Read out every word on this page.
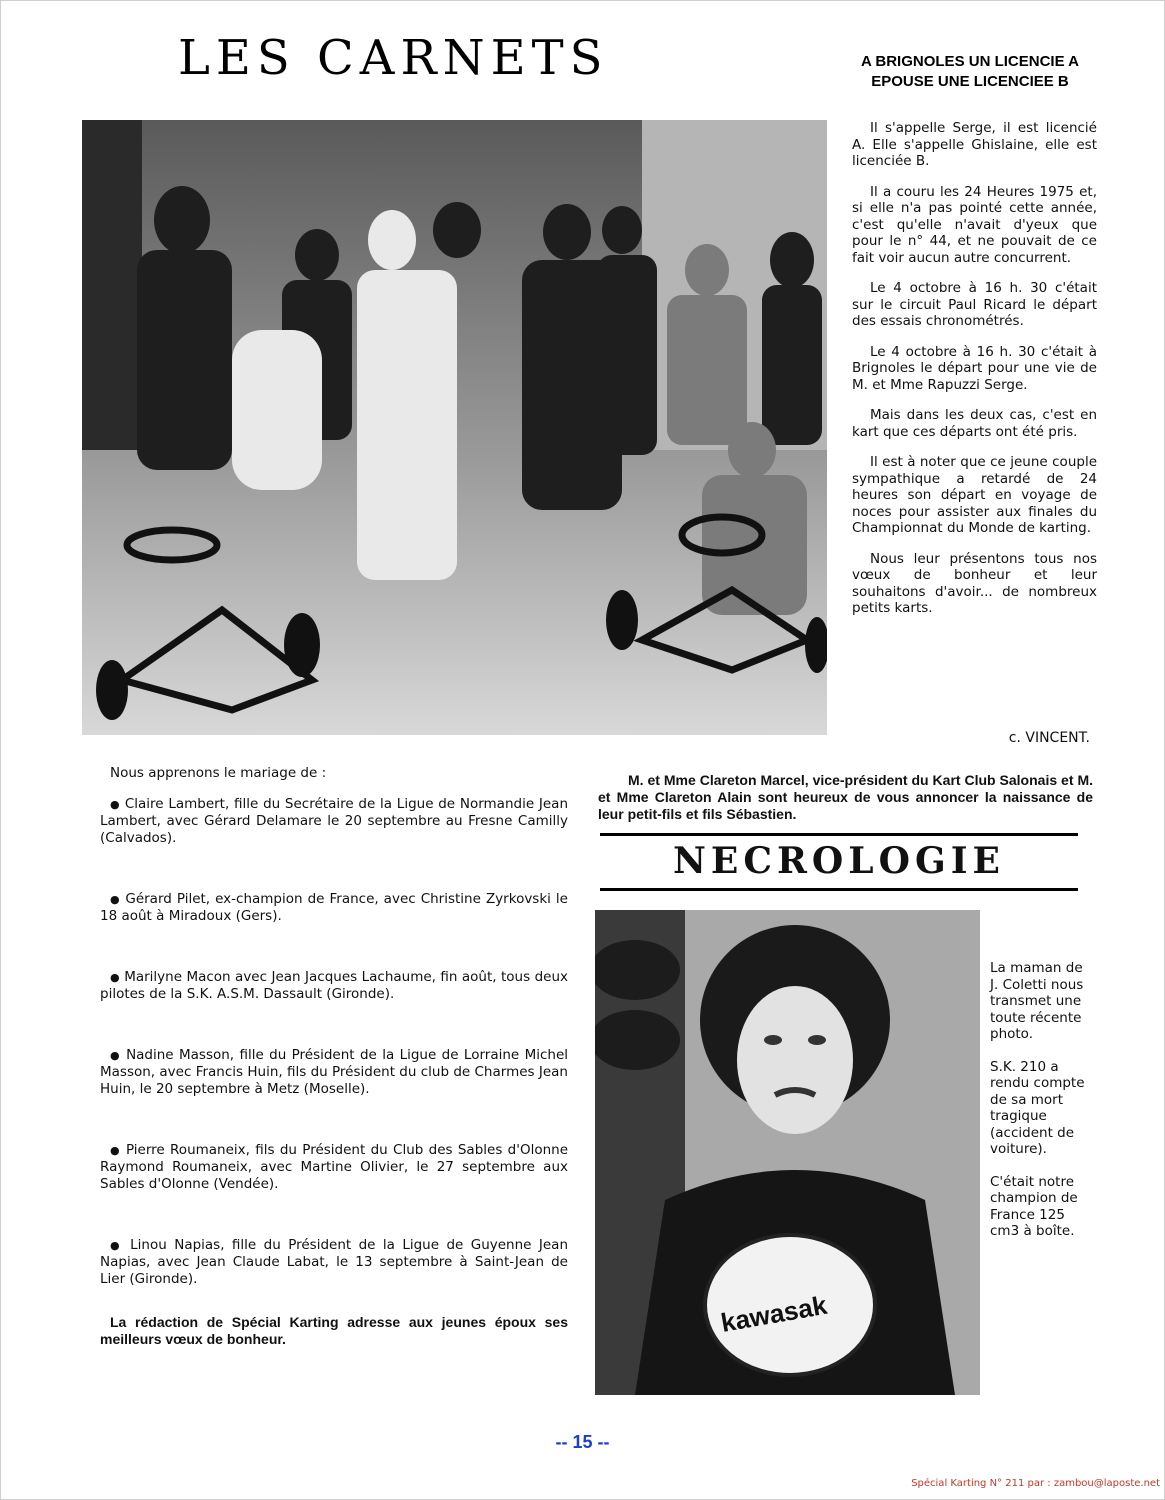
LES CARNETS	A BRIGNOLES UN LICENCIE A
EPOUSE UNE LICENCIEE B

Il s'appelle Serge, il est licencié A. Elle s'appelle Ghislaine, elle est licenciée B.

Il a couru les 24 Heures 1975 et, si elle n'a pas pointé cette année, c'est qu'elle n'avait d'yeux que pour le n° 44, et ne pouvait de ce fait voir aucun autre concurrent.

Le 4 octobre à 16 h. 30 c'était sur le circuit Paul Ricard le départ des essais chronométrés.

Le 4 octobre à 16 h. 30 c'était à Brignoles le départ pour une vie de M. et Mme Rapuzzi Serge.

Mais dans les deux cas, c'est en kart que ces départs ont été pris.

Il est à noter que ce jeune couple sympathique a retardé de 24 heures son départ en voyage de noces pour assister aux finales du Championnat du Monde de karting.

Nous leur présentons tous nos vœux de bonheur et leur souhaitons d'avoir... de nombreux petits karts.

c. VINCENT.
Nous apprenons le mariage de :
● Claire Lambert, fille du Secrétaire de la Ligue de Normandie Jean Lambert, avec Gérard Delamare le 20 septembre au Fresne Camilly (Calvados).
● Gérard Pilet, ex-champion de France, avec Christine Zyrkovski le 18 août à Miradoux (Gers).
● Marilyne Macon avec Jean Jacques Lachaume, fin août, tous deux pilotes de la S.K. A.S.M. Dassault (Gironde).
● Nadine Masson, fille du Président de la Ligue de Lorraine Michel Masson, avec Francis Huin, fils du Président du club de Charmes Jean Huin, le 20 septembre à Metz (Moselle).
● Pierre Roumaneix, fils du Président du Club des Sables d'Olonne Raymond Roumaneix, avec Martine Olivier, le 27 septembre aux Sables d'Olonne (Vendée).
● Linou Napias, fille du Président de la Ligue de Guyenne Jean Napias, avec Jean Claude Labat, le 13 septembre à Saint-Jean de Lier (Gironde).
La rédaction de Spécial Karting adresse aux jeunes époux ses meilleurs vœux de bonheur.
M. et Mme Clareton Marcel, vice-président du Kart Club Salonais et M. et Mme Clareton Alain sont heureux de vous annoncer la naissance de leur petit-fils et fils Sébastien.
NECROLOGIE
kawasak

La maman de J. Coletti nous transmet une toute récente photo.

S.K. 210 a rendu compte de sa mort tragique (accident de voiture).

C'était notre champion de France 125 cm3 à boîte.

-- 15 --
Spécial Karting N° 211 par : zambou@laposte.net
